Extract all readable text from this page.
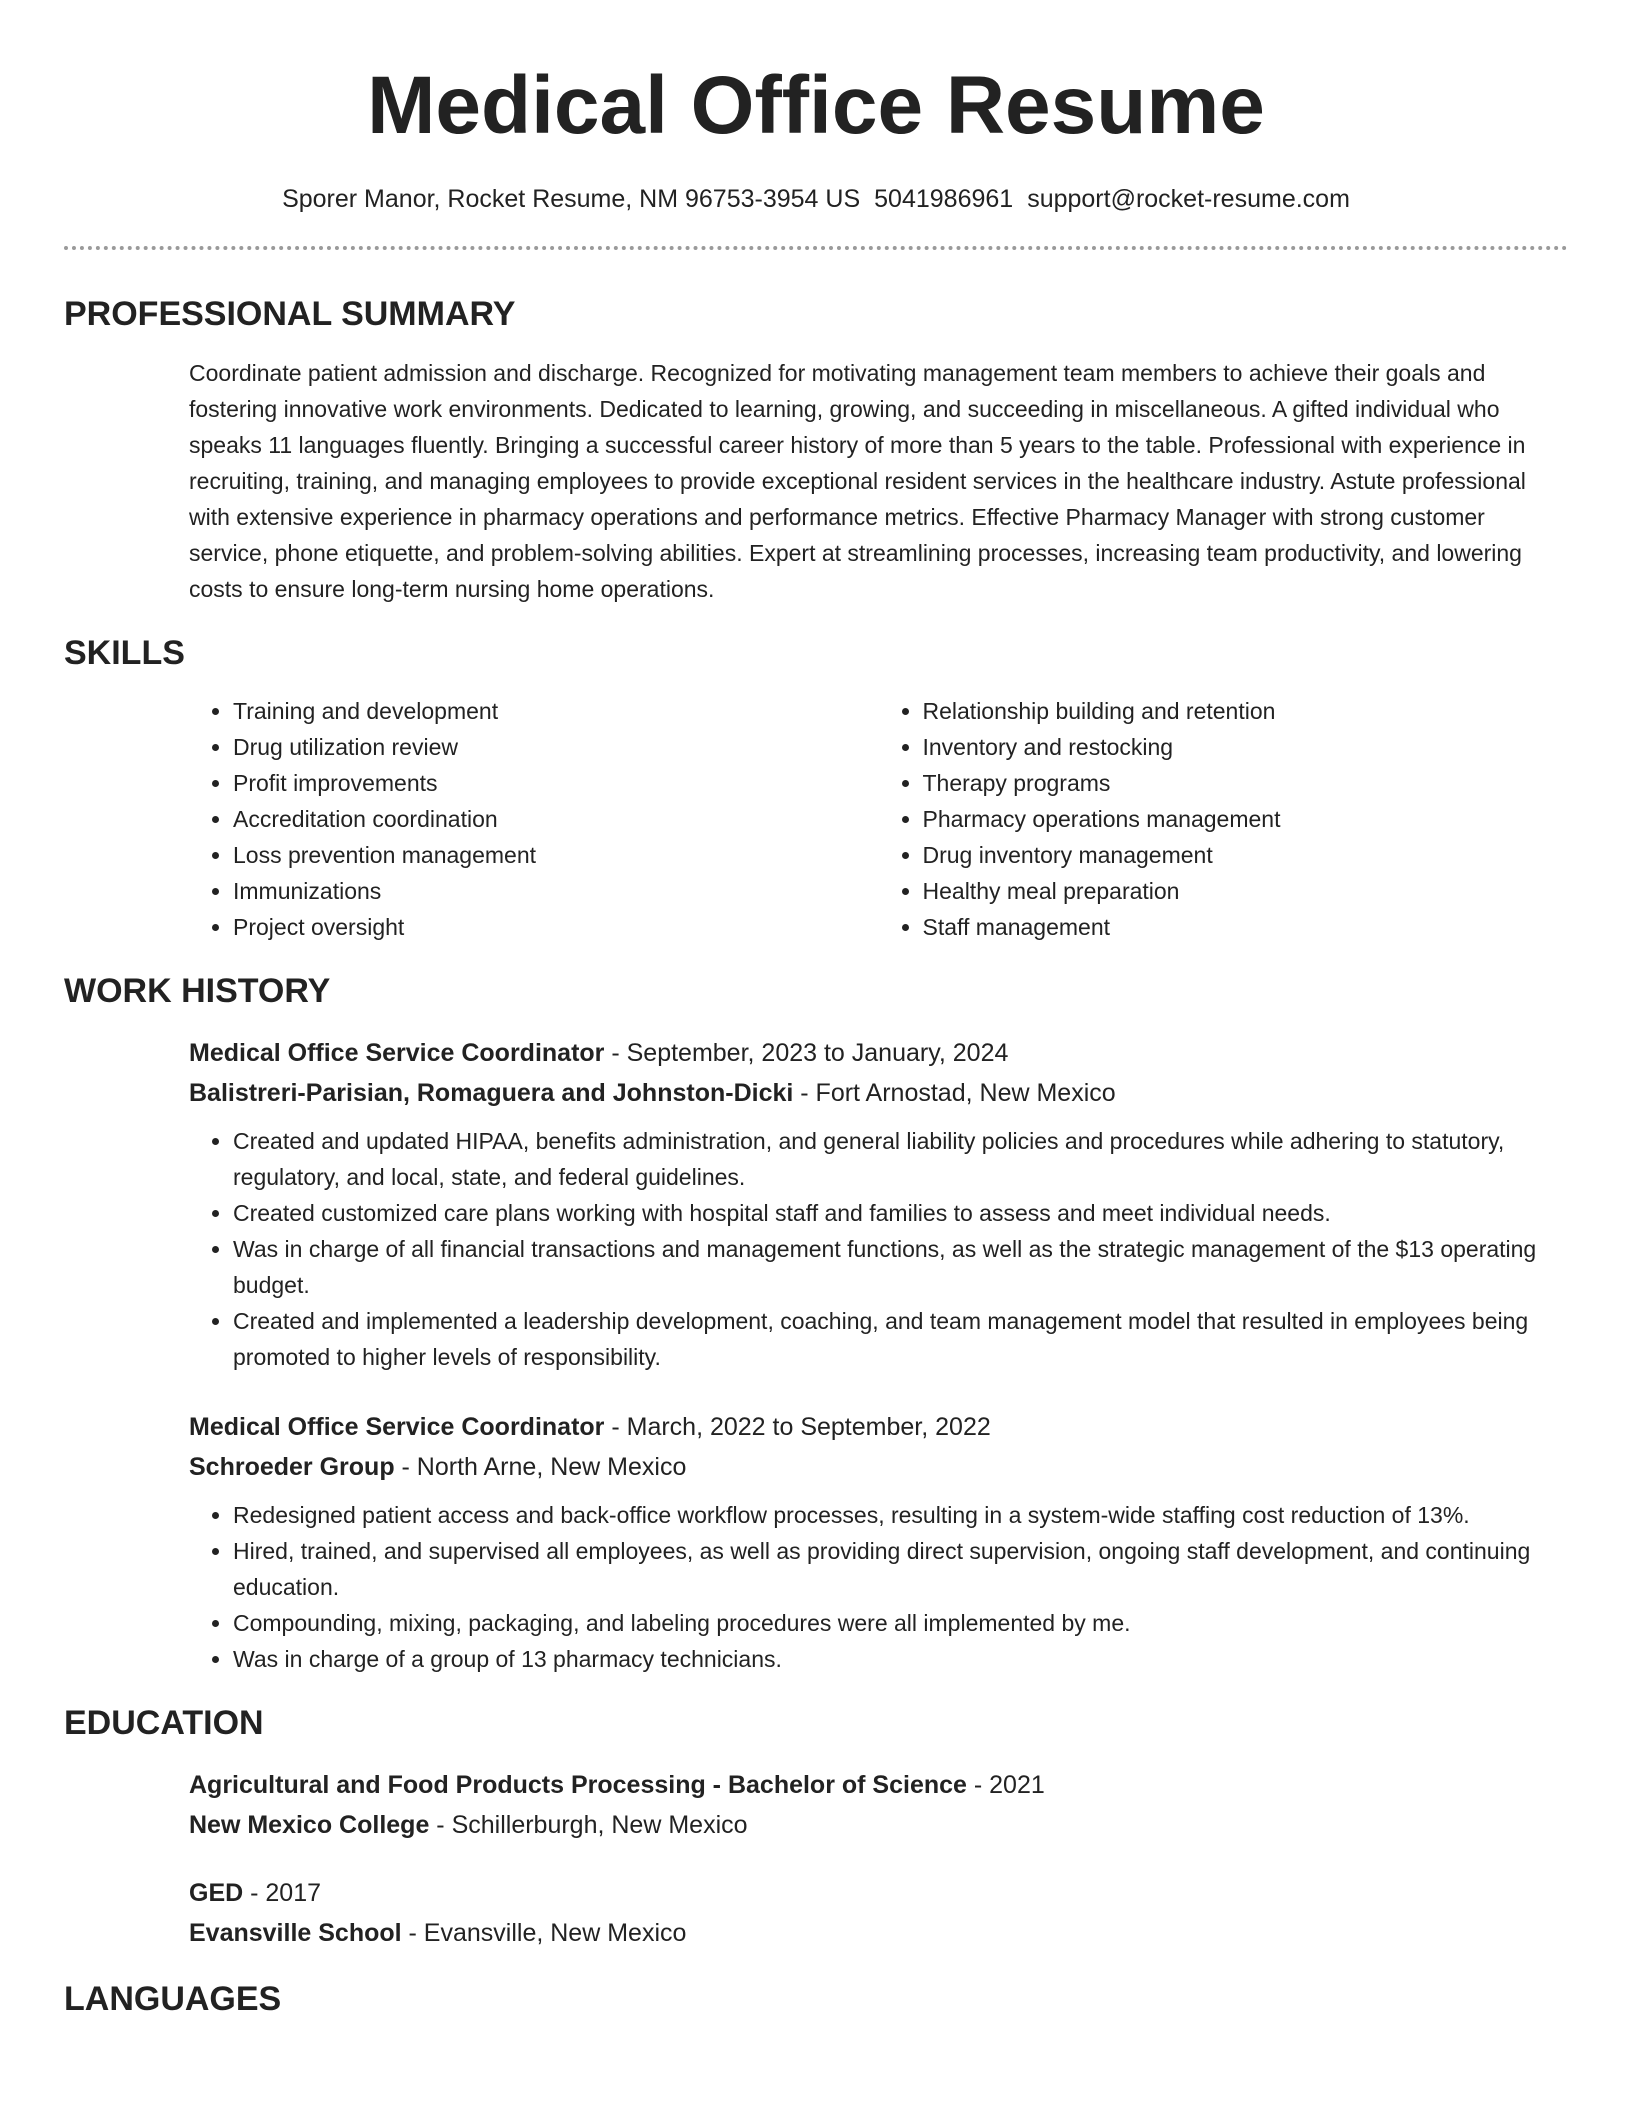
Medical Office Resume
Sporer Manor, Rocket Resume, NM 96753-3954 US 5041986961 support@rocket-resume.com
PROFESSIONAL SUMMARY

Coordinate patient admission and discharge. Recognized for motivating management team members to achieve their goals and fostering innovative work environments. Dedicated to learning, growing, and succeeding in miscellaneous. A gifted individual who speaks 11 languages fluently. Bringing a successful career history of more than 5 years to the table. Professional with experience in recruiting, training, and managing employees to provide exceptional resident services in the healthcare industry. Astute professional with extensive experience in pharmacy operations and performance metrics. Effective Pharmacy Manager with strong customer service, phone etiquette, and problem-solving abilities. Expert at streamlining processes, increasing team productivity, and lowering costs to ensure long-term nursing home operations.

SKILLS
• Training and development
• Drug utilization review
• Profit improvements
• Accreditation coordination
• Loss prevention management
• Immunizations
• Project oversight
• Relationship building and retention
• Inventory and restocking
• Therapy programs
• Pharmacy operations management
• Drug inventory management
• Healthy meal preparation
• Staff management
WORK HISTORY

Medical Office Service Coordinator - September, 2023 to January, 2024

Balistreri-Parisian, Romaguera and Johnston-Dicki - Fort Arnostad, New Mexico

• Created and updated HIPAA, benefits administration, and general liability policies and procedures while adhering to statutory, regulatory, and local, state, and federal guidelines.
• Created customized care plans working with hospital staff and families to assess and meet individual needs.
• Was in charge of all financial transactions and management functions, as well as the strategic management of the $13 operating budget.
• Created and implemented a leadership development, coaching, and team management model that resulted in employees being promoted to higher levels of responsibility.

Medical Office Service Coordinator - March, 2022 to September, 2022

Schroeder Group - North Arne, New Mexico

• Redesigned patient access and back-office workflow processes, resulting in a system-wide staffing cost reduction of 13%.
• Hired, trained, and supervised all employees, as well as providing direct supervision, ongoing staff development, and continuing education.
• Compounding, mixing, packaging, and labeling procedures were all implemented by me.
• Was in charge of a group of 13 pharmacy technicians.
EDUCATION

Agricultural and Food Products Processing - Bachelor of Science - 2021

New Mexico College - Schillerburgh, New Mexico

GED - 2017

Evansville School - Evansville, New Mexico

LANGUAGES
